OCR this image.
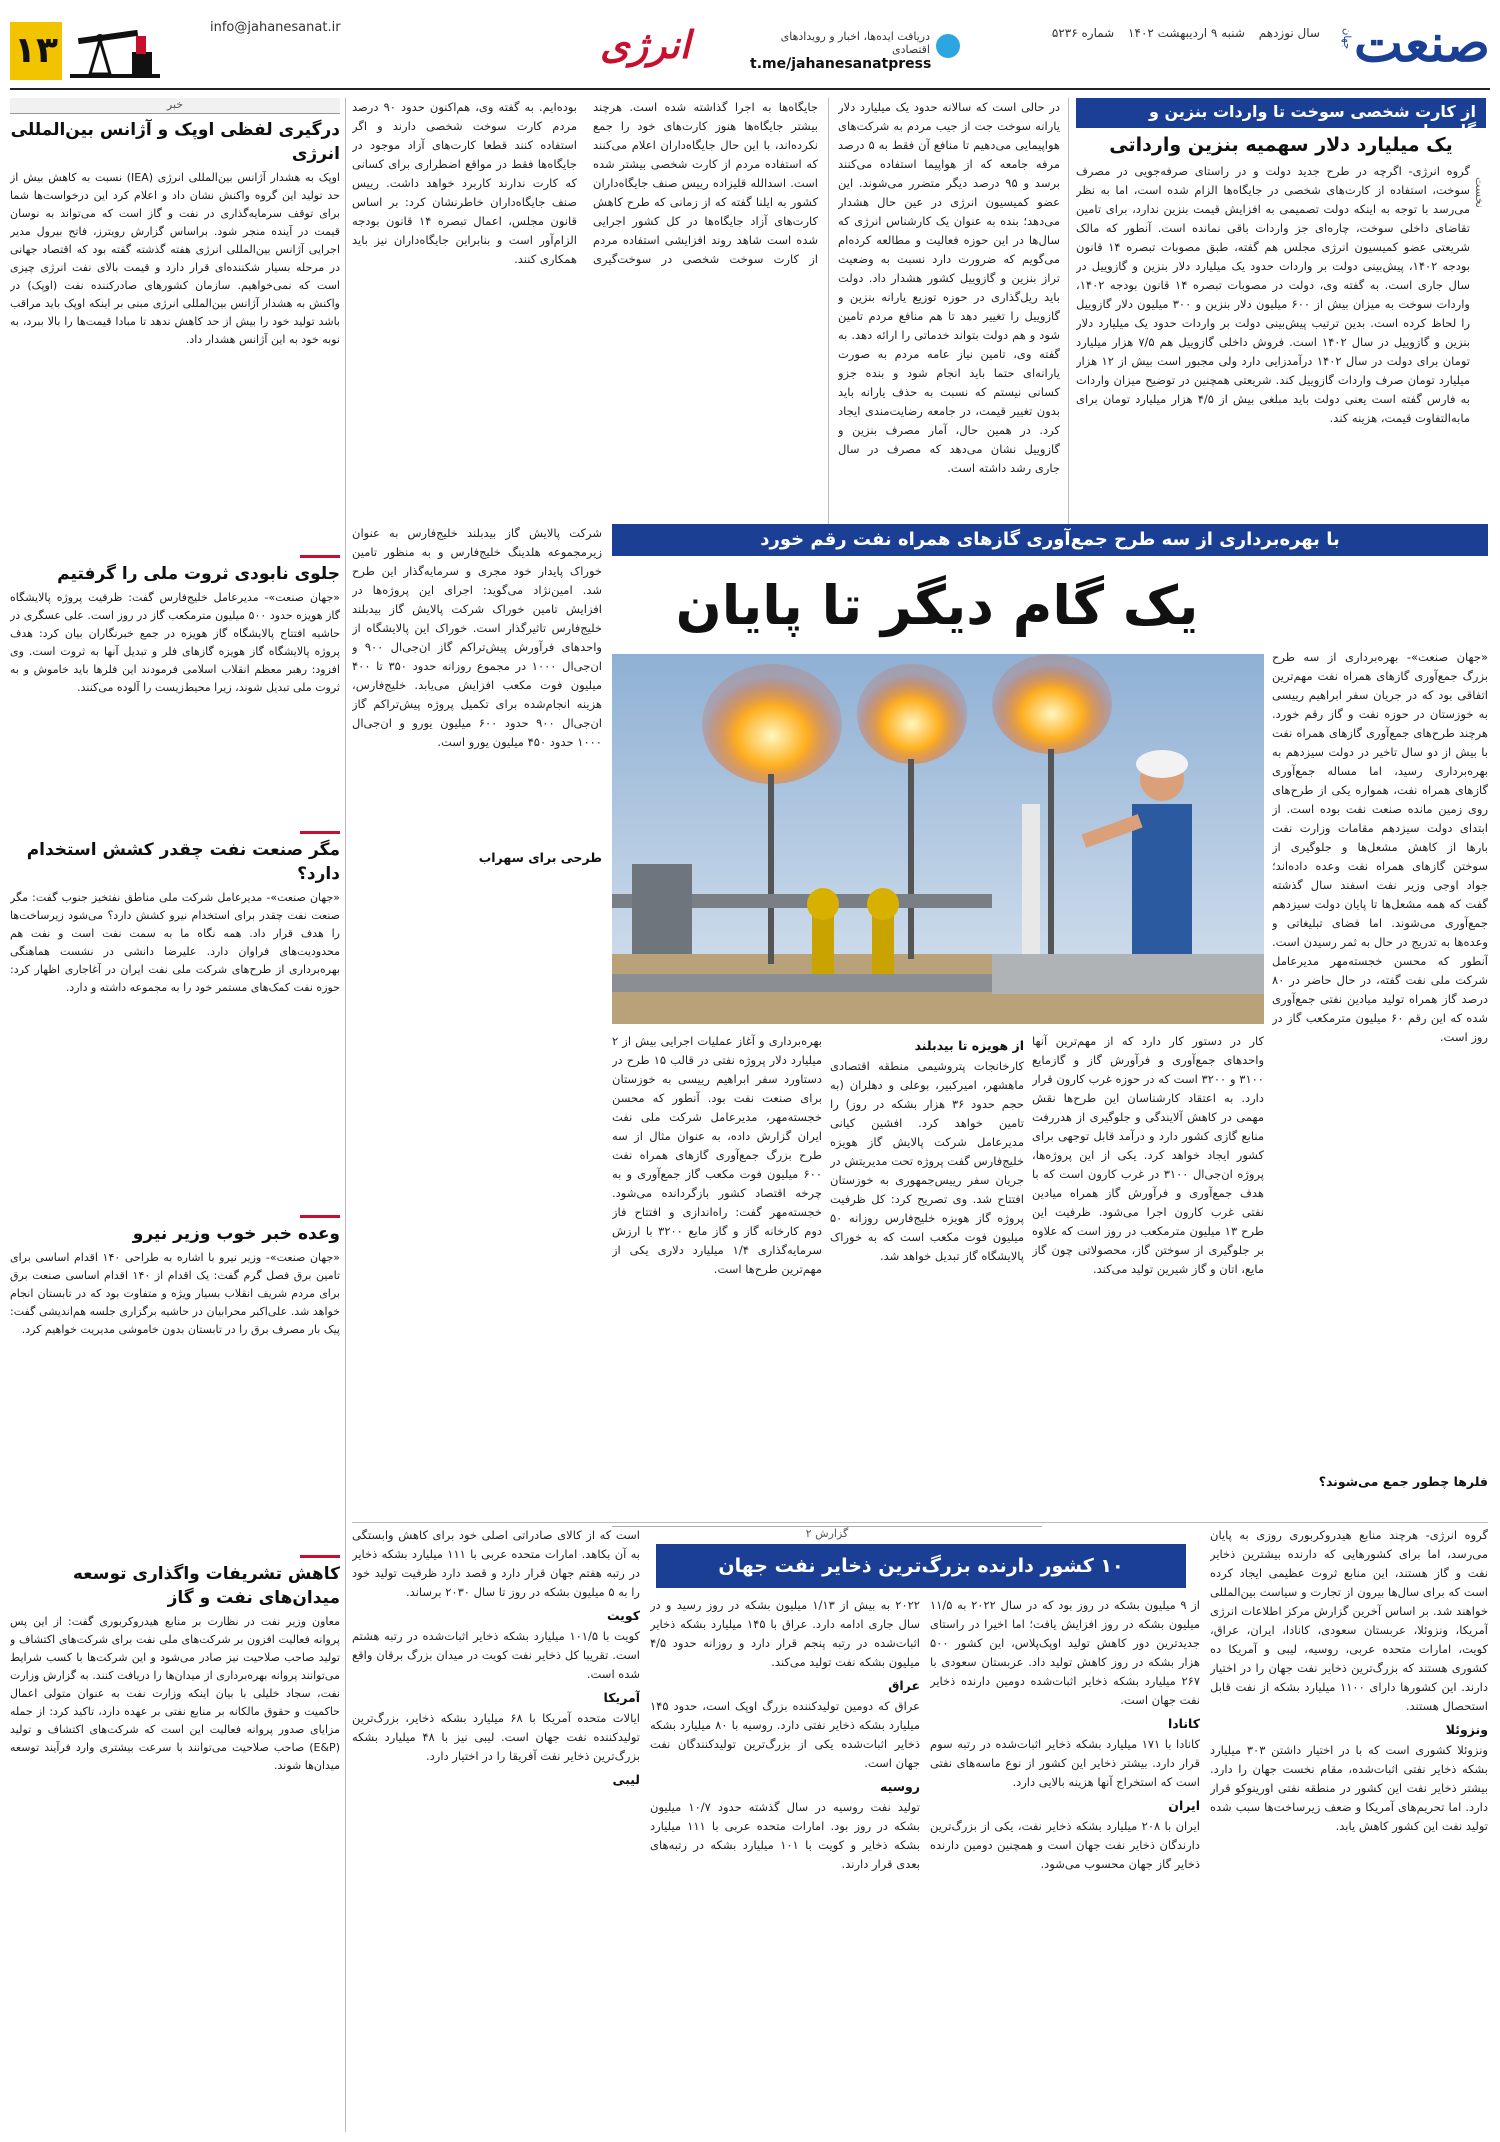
صنعت
جهان
سال نوزدهم شنبه ۹ اردیبهشت ۱۴۰۲ شماره ۵۲۳۶
دریافت ایده‌ها، اخبار و رویدادهای اقتصادی
t.me/jahanesanatpress
انرژی
info@jahanesanat.ir
۱۳
از کارت شخصی سوخت تا واردات بنزین و گازوییل
یک میلیارد دلار سهمیه بنزین وارداتی
گروه انرژی- اگرچه در طرح جدید دولت و در راستای صرفه‌جویی در مصرف سوخت، استفاده از کارت‌های شخصی در جایگاه‌ها الزام شده است، اما به نظر می‌رسد با توجه به اینکه دولت تصمیمی به افزایش قیمت بنزین ندارد، برای تامین تقاضای داخلی سوخت، چاره‌ای جز واردات باقی نمانده است. آنطور که مالک شریعتی عضو کمیسیون انرژی مجلس هم گفته، طبق مصوبات تبصره ۱۴ قانون بودجه ۱۴۰۲، پیش‌بینی دولت بر واردات حدود یک میلیارد دلار بنزین و گازوییل در سال جاری است. به گفته وی، دولت در مصوبات تبصره ۱۴ قانون بودجه ۱۴۰۲، واردات سوخت به میزان بیش از ۶۰۰ میلیون دلار بنزین و ۳۰۰ میلیون دلار گازوییل را لحاظ کرده است. بدین ترتیب پیش‌بینی دولت بر واردات حدود یک میلیارد دلار بنزین و گازوییل در سال ۱۴۰۲ است. فروش داخلی گازوییل هم ۷/۵ هزار میلیارد تومان برای دولت در سال ۱۴۰۲ درآمدزایی دارد ولی مجبور است بیش از ۱۲ هزار میلیارد تومان صرف واردات گازوییل کند. شریعتی همچنین در توضیح میزان واردات به فارس گفته است یعنی دولت باید مبلغی بیش از ۴/۵ هزار میلیارد تومان برای مابه‌التفاوت قیمت، هزینه کند.
نخست
در حالی است که سالانه حدود یک میلیارد دلار یارانه سوخت جت از جیب مردم به شرکت‌های هواپیمایی می‌دهیم تا منافع آن فقط به ۵ درصد مرفه جامعه که از هواپیما استفاده می‌کنند برسد و ۹۵ درصد دیگر متضرر می‌شوند. این عضو کمیسیون انرژی در عین حال هشدار می‌دهد؛ بنده به عنوان یک کارشناس انرژی که سال‌ها در این حوزه فعالیت و مطالعه کرده‌ام می‌گویم که ضرورت دارد نسبت به وضعیت تراز بنزین و گازوییل کشور هشدار داد. دولت باید ریل‌گذاری در حوزه توزیع یارانه بنزین و گازوییل را تغییر دهد تا هم منافع مردم تامین شود و هم دولت بتواند خدماتی را ارائه دهد. به گفته وی، تامین نیاز عامه مردم به صورت یارانه‌ای حتما باید انجام شود و بنده جزو کسانی نیستم که نسبت به حذف یارانه باید بدون تغییر قیمت، در جامعه رضایت‌مندی ایجاد کرد. در همین حال، آمار مصرف بنزین و گازوییل نشان می‌دهد که مصرف در سال جاری رشد داشته است.
جایگاه‌ها به اجرا گذاشته شده است. هرچند بیشتر جایگاه‌ها هنوز کارت‌های خود را جمع نکرده‌اند، با این حال جایگاه‌داران اعلام می‌کنند که استفاده مردم از کارت شخصی بیشتر شده است. اسدالله قلیزاده رییس صنف جایگاه‌داران کشور به ایلنا گفته که از زمانی که طرح کاهش کارت‌های آزاد جایگاه‌ها در کل کشور اجرایی شده است شاهد روند افزایشی استفاده مردم از کارت سوخت شخصی در سوخت‌گیری بوده‌ایم. به گفته وی، هم‌اکنون حدود ۹۰ درصد مردم کارت سوخت شخصی دارند و اگر استفاده کنند قطعا کارت‌های آزاد موجود در جایگاه‌ها فقط در مواقع اضطراری برای کسانی که کارت ندارند کاربرد خواهد داشت. رییس صنف جایگاه‌داران خاطرنشان کرد: بر اساس قانون مجلس، اعمال تبصره ۱۴ قانون بودجه الزام‌آور است و بنابراین جایگاه‌داران نیز باید همکاری کنند.
خبر
درگیری لفظی اوپک و آژانس بین‌المللی انرژی
اوپک به هشدار آژانس بین‌المللی انرژی (IEA) نسبت به کاهش بیش از حد تولید این گروه واکنش نشان داد و اعلام کرد این درخواست‌ها شما برای توقف سرمایه‌گذاری در نفت و گاز است که می‌تواند به نوسان قیمت در آینده منجر شود. براساس گزارش رویترز، فاتح بیرول مدیر اجرایی آژانس بین‌المللی انرژی هفته گذشته گفته بود که اقتصاد جهانی در مرحله بسیار شکننده‌ای قرار دارد و قیمت بالای نفت انرژی چیزی است که نمی‌خواهیم. سازمان کشورهای صادرکننده نفت (اوپک) در واکنش به هشدار آژانس بین‌المللی انرژی مبنی بر اینکه اوپک باید مراقب باشد تولید خود را بیش از حد کاهش ندهد تا مبادا قیمت‌ها را بالا ببرد، به نوبه خود به این آژانس هشدار داد.
جلوی نابودی ثروت ملی را گرفتیم
«جهان صنعت»- مدیرعامل خلیج‌فارس گفت: ظرفیت پروژه پالایشگاه گاز هویزه حدود ۵۰۰ میلیون مترمکعب گاز در روز است. علی عسگری در حاشیه افتتاح پالایشگاه گاز هویزه در جمع خبرنگاران بیان کرد: هدف پروژه پالایشگاه گاز هویزه گازهای فلر و تبدیل آنها به ثروت است. وی افزود: رهبر معظم انقلاب اسلامی فرمودند این فلرها باید خاموش و به ثروت ملی تبدیل شوند، زیرا محیط‌زیست را آلوده می‌کنند.
مگر صنعت نفت چقدر کشش استخدام دارد؟
«جهان صنعت»- مدیرعامل شرکت ملی مناطق نفتخیز جنوب گفت: مگر صنعت نفت چقدر برای استخدام نیرو کشش دارد؟ می‌شود زیرساخت‌ها را هدف قرار داد. همه نگاه ما به سمت نفت است و نفت هم محدودیت‌های فراوان دارد. علیرضا دانشی در نشست هماهنگی بهره‌برداری از طرح‌های شرکت ملی نفت ایران در آغاجاری اظهار کرد: حوزه نفت کمک‌های مستمر خود را به مجموعه داشته و دارد.
وعده خبر خوب وزیر نیرو
«جهان صنعت»- وزیر نیرو با اشاره به طراحی ۱۴۰ اقدام اساسی برای تامین برق فصل گرم گفت: یک اقدام از ۱۴۰ اقدام اساسی صنعت برق برای مردم شریف انقلاب بسیار ویژه و متفاوت بود که در تابستان انجام خواهد شد. علی‌اکبر محرابیان در حاشیه برگزاری جلسه هم‌اندیشی گفت: پیک بار مصرف برق را در تابستان بدون خاموشی مدیریت خواهیم کرد.
کاهش تشریفات واگذاری توسعه میدان‌های نفت و گاز
معاون وزیر نفت در نظارت بر منابع هیدروکربوری گفت: از این پس پروانه فعالیت افزون بر شرکت‌های ملی نفت برای شرکت‌های اکتشاف و تولید صاحب صلاحیت نیز صادر می‌شود و این شرکت‌ها با کسب شرایط می‌توانند پروانه بهره‌برداری از میدان‌ها را دریافت کنند. به گزارش وزارت نفت، سجاد خلیلی با بیان اینکه وزارت نفت به عنوان متولی اعمال حاکمیت و حقوق مالکانه بر منابع نفتی بر عهده دارد، تاکید کرد: از جمله مزایای صدور پروانه فعالیت این است که شرکت‌های اکتشاف و تولید (E&P) صاحب صلاحیت می‌توانند با سرعت بیشتری وارد فرآیند توسعه میدان‌ها شوند.
با بهره‌برداری از سه طرح جمع‌آوری گازهای همراه نفت رقم خورد
یک گام دیگر تا پایان
«جهان صنعت»- بهره‌برداری از سه طرح بزرگ جمع‌آوری گازهای همراه نفت مهم‌ترین اتفاقی بود که در جریان سفر ابراهیم رییسی به خوزستان در حوزه نفت و گاز رقم خورد. هرچند طرح‌های جمع‌آوری گازهای همراه نفت با بیش از دو سال تاخیر در دولت سیزدهم به بهره‌برداری رسید، اما مساله جمع‌آوری گازهای همراه نفت، همواره یکی از طرح‌های روی زمین مانده صنعت نفت بوده است. از ابتدای دولت سیزدهم مقامات وزارت نفت بارها از کاهش مشعل‌ها و جلوگیری از سوختن گازهای همراه نفت وعده داده‌اند؛ جواد اوجی وزیر نفت اسفند سال گذشته گفت که همه مشعل‌ها تا پایان دولت سیزدهم جمع‌آوری می‌شوند. اما فضای تبلیغاتی و وعده‌ها به تدریج در حال به ثمر رسیدن است. آنطور که محسن خجسته‌مهر مدیرعامل شرکت ملی نفت گفته، در حال حاضر در ۸۰ درصد گاز همراه تولید میادین نفتی جمع‌آوری شده که این رقم ۶۰ میلیون مترمکعب گاز در روز است.
فلرها چطور جمع می‌شوند؟
کار در دستور کار دارد که از مهم‌ترین آنها واحدهای جمع‌آوری و فرآورش گاز و گازمایع ۳۱۰۰ و ۳۲۰۰ است که در حوزه غرب کارون قرار دارد. به اعتقاد کارشناسان این طرح‌ها نقش مهمی در کاهش آلایندگی و جلوگیری از هدررفت منابع گازی کشور دارد و درآمد قابل توجهی برای کشور ایجاد خواهد کرد. یکی از این پروژه‌ها، پروژه ان‌جی‌ال ۳۱۰۰ در غرب کارون است که با هدف جمع‌آوری و فرآورش گاز همراه میادین نفتی غرب کارون اجرا می‌شود. ظرفیت این طرح ۱۳ میلیون مترمکعب در روز است که علاوه بر جلوگیری از سوختن گاز، محصولاتی چون گاز مایع، اتان و گاز شیرین تولید می‌کند.
از هویزه تا بیدبلند
کارخانجات پتروشیمی منطقه اقتصادی ماهشهر، امیرکبیر، بوعلی و دهلران (به حجم حدود ۳۶ هزار بشکه در روز) را تامین خواهد کرد. افشین کیانی مدیرعامل شرکت پالایش گاز هویزه خلیج‌فارس گفت پروژه تحت مدیریتش در جریان سفر رییس‌جمهوری به خوزستان افتتاح شد. وی تصریح کرد: کل ظرفیت پروژه گاز هویزه خلیج‌فارس روزانه ۵۰ میلیون فوت مکعب است که به خوراک پالایشگاه گاز تبدیل خواهد شد.
بهره‌برداری و آغاز عملیات اجرایی بیش از ۲ میلیارد دلار پروژه نفتی در قالب ۱۵ طرح در دستاورد سفر ابراهیم رییسی به خوزستان برای صنعت نفت بود. آنطور که محسن خجسته‌مهر، مدیرعامل شرکت ملی نفت ایران گزارش داده، به عنوان مثال از سه طرح بزرگ جمع‌آوری گازهای همراه نفت ۶۰۰ میلیون فوت مکعب گاز جمع‌آوری و به چرخه اقتصاد کشور بازگردانده می‌شود. خجسته‌مهر گفت: راه‌اندازی و افتتاح فاز دوم کارخانه گاز و گاز مایع ۳۲۰۰ با ارزش سرمایه‌گذاری ۱/۴ میلیارد دلاری یکی از مهم‌ترین طرح‌ها است.
شرکت پالایش گاز بیدبلند خلیج‌فارس به عنوان زیرمجموعه هلدینگ خلیج‌فارس و به منظور تامین خوراک پایدار خود مجری و سرمایه‌گذار این طرح شد. امین‌نژاد می‌گوید: اجرای این پروژه‌ها در افزایش تامین خوراک شرکت پالایش گاز بیدبلند خلیج‌فارس تاثیرگذار است. خوراک این پالایشگاه از واحدهای فرآورش پیش‌تراکم گاز ان‌جی‌ال ۹۰۰ و ان‌جی‌ال ۱۰۰۰ در مجموع روزانه حدود ۳۵۰ تا ۴۰۰ میلیون فوت مکعب افزایش می‌یابد. خلیج‌فارس، هزینه انجام‌شده برای تکمیل پروژه پیش‌تراکم گاز ان‌جی‌ال ۹۰۰ حدود ۶۰۰ میلیون یورو و ان‌جی‌ال ۱۰۰۰ حدود ۴۵۰ میلیون یورو است.
طرحی برای سهراب
گزارش ۲
۱۰ کشور دارنده بزرگ‌ترین ذخایر نفت جهان
گروه انرژی- هرچند منابع هیدروکربوری روزی به پایان می‌رسد، اما برای کشورهایی که دارنده بیشترین ذخایر نفت و گاز هستند، این منابع ثروت عظیمی ایجاد کرده است که برای سال‌ها بیرون از تجارت و سیاست بین‌المللی خواهند شد. بر اساس آخرین گزارش مرکز اطلاعات انرژی آمریکا، ونزوئلا، عربستان سعودی، کانادا، ایران، عراق، کویت، امارات متحده عربی، روسیه، لیبی و آمریکا ده کشوری هستند که بزرگ‌ترین ذخایر نفت جهان را در اختیار دارند. این کشورها دارای ۱۱۰۰ میلیارد بشکه از نفت قابل استحصال هستند.
ونزوئلا
ونزوئلا کشوری است که با در اختیار داشتن ۳۰۳ میلیارد بشکه ذخایر نفتی اثبات‌شده، مقام نخست جهان را دارد. بیشتر ذخایر نفت این کشور در منطقه نفتی اورینوکو قرار دارد. اما تحریم‌های آمریکا و ضعف زیرساخت‌ها سبب شده تولید نفت این کشور کاهش یابد.
از ۹ میلیون بشکه در روز بود که در سال ۲۰۲۲ به ۱۱/۵ میلیون بشکه در روز افزایش یافت؛ اما اخیرا در راستای جدیدترین دور کاهش تولید اوپک‌پلاس، این کشور ۵۰۰ هزار بشکه در روز کاهش تولید داد. عربستان سعودی با ۲۶۷ میلیارد بشکه ذخایر اثبات‌شده دومین دارنده ذخایر نفت جهان است.
کانادا
کانادا با ۱۷۱ میلیارد بشکه ذخایر اثبات‌شده در رتبه سوم قرار دارد. بیشتر ذخایر این کشور از نوع ماسه‌های نفتی است که استخراج آنها هزینه بالایی دارد.
ایران
ایران با ۲۰۸ میلیارد بشکه ذخایر نفت، یکی از بزرگ‌ترین دارندگان ذخایر نفت جهان است و همچنین دومین دارنده ذخایر گاز جهان محسوب می‌شود.
۲۰۲۲ به بیش از ۱/۱۳ میلیون بشکه در روز رسید و در سال جاری ادامه دارد. عراق با ۱۴۵ میلیارد بشکه ذخایر اثبات‌شده در رتبه پنجم قرار دارد و روزانه حدود ۴/۵ میلیون بشکه نفت تولید می‌کند.
عراق
عراق که دومین تولیدکننده بزرگ اوپک است، حدود ۱۴۵ میلیارد بشکه ذخایر نفتی دارد. روسیه با ۸۰ میلیارد بشکه ذخایر اثبات‌شده یکی از بزرگ‌ترین تولیدکنندگان نفت جهان است.
روسیه
تولید نفت روسیه در سال گذشته حدود ۱۰/۷ میلیون بشکه در روز بود. امارات متحده عربی با ۱۱۱ میلیارد بشکه ذخایر و کویت با ۱۰۱ میلیارد بشکه در رتبه‌های بعدی قرار دارند.
است که از کالای صادراتی اصلی خود برای کاهش وابستگی به آن بکاهد. امارات متحده عربی با ۱۱۱ میلیارد بشکه ذخایر در رتبه هفتم جهان قرار دارد و قصد دارد ظرفیت تولید خود را به ۵ میلیون بشکه در روز تا سال ۲۰۳۰ برساند.
کویت
کویت با ۱۰۱/۵ میلیارد بشکه ذخایر اثبات‌شده در رتبه هشتم است. تقریبا کل ذخایر نفت کویت در میدان بزرگ برقان واقع شده است.
آمریکا
ایالات متحده آمریکا با ۶۸ میلیارد بشکه ذخایر، بزرگ‌ترین تولیدکننده نفت جهان است. لیبی نیز با ۴۸ میلیارد بشکه بزرگ‌ترین ذخایر نفت آفریقا را در اختیار دارد.
لیبی
